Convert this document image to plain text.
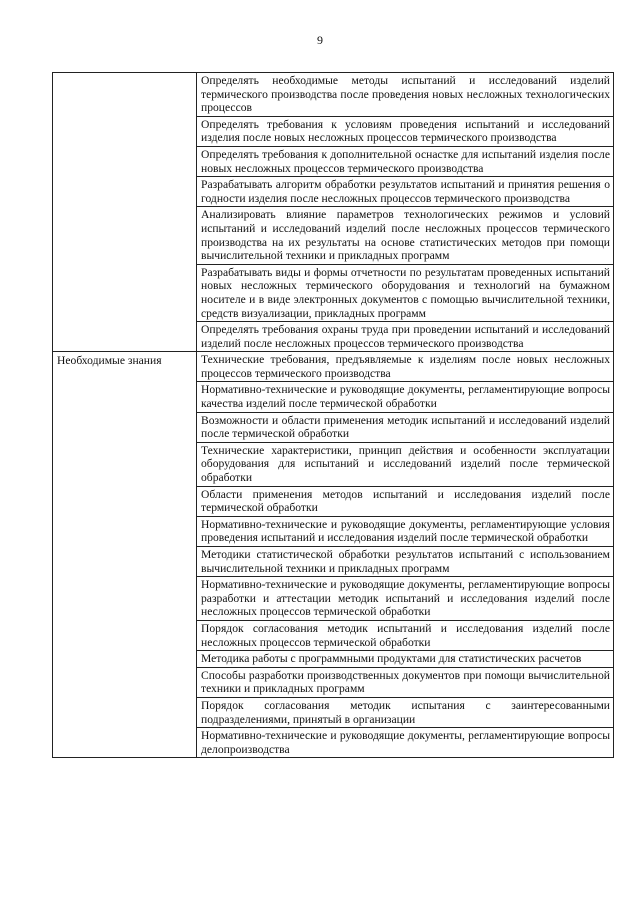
9
	Определять необходимые методы испытаний и исследований изделий термического производства после проведения новых несложных технологических процессов
	Определять требования к условиям проведения испытаний и исследований изделия после новых несложных процессов термического производства
	Определять требования к дополнительной оснастке для испытаний изделия после новых несложных процессов термического производства
	Разрабатывать алгоритм обработки результатов испытаний и принятия решения о годности изделия после несложных процессов термического производства
	Анализировать влияние параметров технологических режимов и условий испытаний и исследований изделий после несложных процессов термического производства на их результаты на основе статистических методов при помощи вычислительной техники и прикладных программ
	Разрабатывать виды и формы отчетности по результатам проведенных испытаний новых несложных термического оборудования и технологий на бумажном носителе и в виде электронных документов с помощью вычислительной техники, средств визуализации, прикладных программ
	Определять требования охраны труда при проведении испытаний и исследований изделий после несложных процессов термического производства
Необходимые знания	Технические требования, предъявляемые к изделиям после новых несложных процессов термического производства
	Нормативно-технические и руководящие документы, регламентирующие вопросы качества изделий после термической обработки
	Возможности и области применения методик испытаний и исследований изделий после термической обработки
	Технические характеристики, принцип действия и особенности эксплуатации оборудования для испытаний и исследований изделий после термической обработки
	Области применения методов испытаний и исследования изделий после термической обработки
	Нормативно-технические и руководящие документы, регламентирующие условия проведения испытаний и исследования изделий после термической обработки
	Методики статистической обработки результатов испытаний с использованием вычислительной техники и прикладных программ
	Нормативно-технические и руководящие документы, регламентирующие вопросы разработки и аттестации методик испытаний и исследования изделий после несложных процессов термической обработки
	Порядок согласования методик испытаний и исследования изделий после несложных процессов термической обработки
	Методика работы с программными продуктами для статистических расчетов
	Способы разработки производственных документов при помощи вычислительной техники и прикладных программ
	Порядок согласования методик испытания с заинтересованными подразделениями, принятый в организации
	Нормативно-технические и руководящие документы, регламентирующие вопросы делопроизводства
